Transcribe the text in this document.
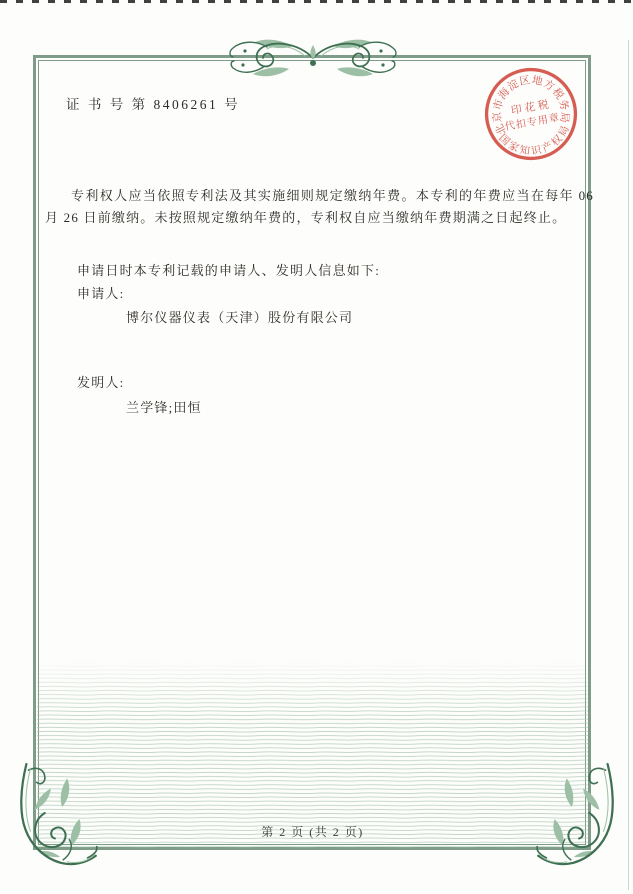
北京市海淀区地方税务局
国家知识产权局
印 花 税
代扣专用章
证 书 号 第 8406261 号
专利权人应当依照专利法及其实施细则规定缴纳年费。本专利的年费应当在每年 06 月 26 日前缴纳。未按照规定缴纳年费的，专利权自应当缴纳年费期满之日起终止。
申请日时本专利记载的申请人、发明人信息如下:
申请人:
博尔仪器仪表（天津）股份有限公司
发明人:
兰学锋;田恒
第 2 页 (共 2 页)
